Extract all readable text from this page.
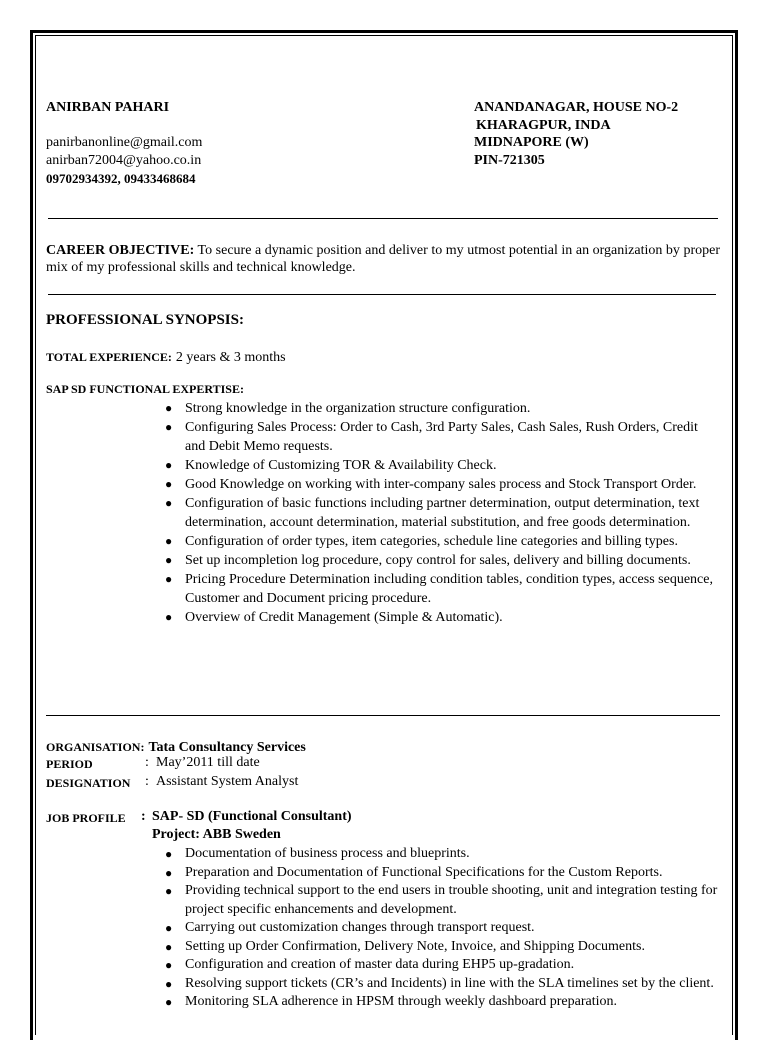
ANIRBAN PAHARI
panirbanonline@gmail.com
anirban72004@yahoo.co.in
09702934392, 09433468684
ANANDANAGAR, HOUSE NO-2
KHARAGPUR, INDA
MIDNAPORE (W)
PIN-721305
CAREER OBJECTIVE: To secure a dynamic position and deliver to my utmost potential in an organization by proper mix of my professional skills and technical knowledge.
PROFESSIONAL SYNOPSIS:
TOTAL EXPERIENCE: 2 years & 3 months
SAP SD FUNCTIONAL EXPERTISE:
● Strong knowledge in the organization structure configuration.
● Configuring Sales Process: Order to Cash, 3rd Party Sales, Cash Sales, Rush Orders, Credit and Debit Memo requests.
● Knowledge of Customizing TOR & Availability Check.
● Good Knowledge on working with inter-company sales process and Stock Transport Order.
● Configuration of basic functions including partner determination, output determination, text determination, account determination, material substitution, and free goods determination.
● Configuration of order types, item categories, schedule line categories and billing types.
● Set up incompletion log procedure, copy control for sales, delivery and billing documents.
● Pricing Procedure Determination including condition tables, condition types, access sequence, Customer and Document pricing procedure.
● Overview of Credit Management (Simple & Automatic).
ORGANISATION: Tata Consultancy Services
PERIOD	: May’2011 till date
DESIGNATION : Assistant System Analyst
JOB PROFILE : SAP- SD (Functional Consultant)
Project: ABB Sweden
● Documentation of business process and blueprints.
● Preparation and Documentation of Functional Specifications for the Custom Reports.
● Providing technical support to the end users in trouble shooting, unit and integration testing for project specific enhancements and development.
● Carrying out customization changes through transport request.
● Setting up Order Confirmation, Delivery Note, Invoice, and Shipping Documents.
● Configuration and creation of master data during EHP5 up-gradation.
● Resolving support tickets (CR’s and Incidents) in line with the SLA timelines set by the client.
● Monitoring SLA adherence in HPSM through weekly dashboard preparation.
